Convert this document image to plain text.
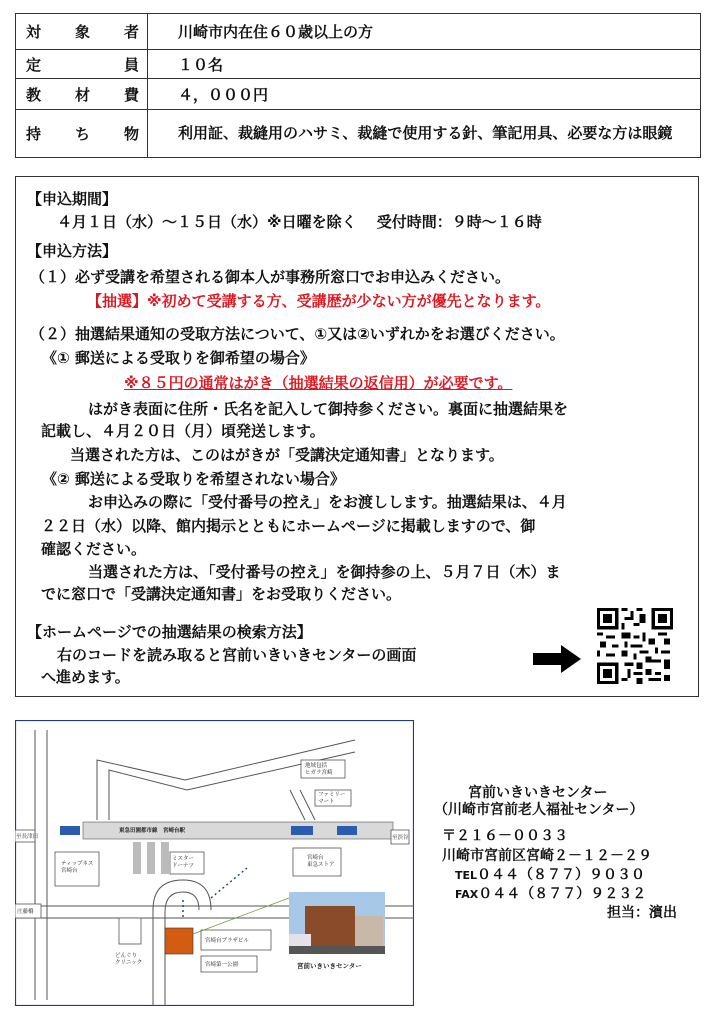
対 象 者	川崎市内在住６０歳以上の方

定 員	１０名

教 材 費	４，０００円

持 ち 物	利用証、裁縫用のハサミ、裁縫で使用する針、筆記用具、必要な方は眼鏡
【申込期間】
４月１日（水）～１５日（水）※日曜を除く　 受付時間：９時～１６時
【申込方法】
（１）必ず受講を希望される御本人が事務所窓口でお申込みください。
【抽選】※初めて受講する方、受講歴が少ない方が優先となります。
（２）抽選結果通知の受取方法について、①又は②いずれかをお選びください。
《① 郵送による受取りを御希望の場合》
※８５円の通常はがき（抽選結果の返信用）が必要です。
はがき表面に住所・氏名を記入して御持参ください。裏面に抽選結果を
記載し、４月２０日（月）頃発送します。
当選された方は、このはがきが「受講決定通知書」となります。
《② 郵送による受取りを希望されない場合》
お申込みの際に「受付番号の控え」をお渡しします。抽選結果は、４月
２２日（水）以降、館内掲示とともにホームページに掲載しますので、御
確認ください。
当選された方は、「受付番号の控え」を御持参の上、５月７日（木）ま
でに窓口で「受講決定通知書」をお受取りください。
【ホームページでの抽選結果の検索方法】
右のコードを読み取ると宮前いきいきセンターの画面
へ進めます。
地域包括
ヒガラ宮崎
ファミリー
マート
至長津田	至渋谷
東急田園都市線　宮崎台駅
ティップネス
宮崎台
ミスター
ドーナツ
宮崎台
東急ストア
庄藤橋
宮崎台プラザビル
どんぐり
クリニック	宮崎第一公園	宮前いきいきセンター
宮前いきいきセンター
（川崎市宮前老人福祉センター）
〒２１６－００３３
川崎市宮前区宮崎２－１２－２９
TEL０４４（８７７）９０３０
FAX０４４（８７７）９２３２
担当：濱出
